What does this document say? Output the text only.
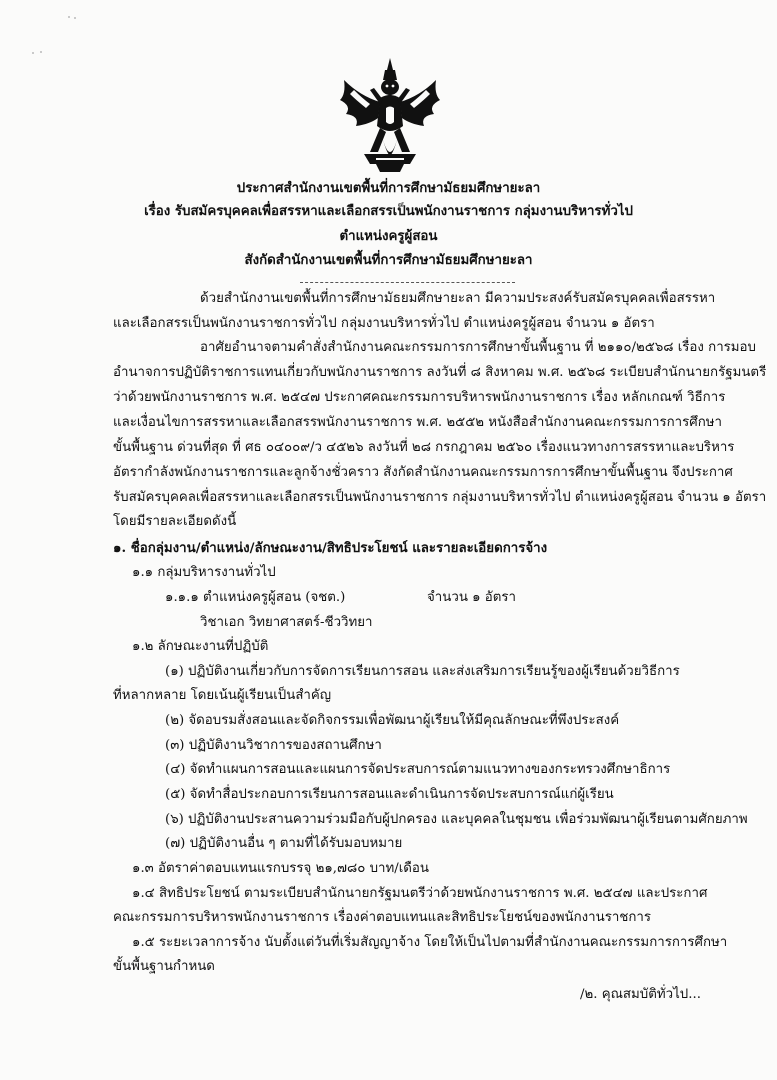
ประกาศสำนักงานเขตพื้นที่การศึกษามัธยมศึกษายะลา
เรื่อง รับสมัครบุคคลเพื่อสรรหาและเลือกสรรเป็นพนักงานราชการ กลุ่มงานบริหารทั่วไป
ตำแหน่งครูผู้สอน
สังกัดสำนักงานเขตพื้นที่การศึกษามัธยมศึกษายะลา
ด้วยสำนักงานเขตพื้นที่การศึกษามัธยมศึกษายะลา มีความประสงค์รับสมัครบุคคลเพื่อสรรหา
และเลือกสรรเป็นพนักงานราชการทั่วไป กลุ่มงานบริหารทั่วไป ตำแหน่งครูผู้สอน จำนวน ๑ อัตรา
อาศัยอำนาจตามคำสั่งสำนักงานคณะกรรมการการศึกษาขั้นพื้นฐาน ที่ ๒๑๑๐/๒๕๖๘ เรื่อง การมอบ
อำนาจการปฏิบัติราชการแทนเกี่ยวกับพนักงานราชการ ลงวันที่ ๘ สิงหาคม พ.ศ. ๒๕๖๘ ระเบียบสำนักนายกรัฐมนตรี
ว่าด้วยพนักงานราชการ พ.ศ. ๒๕๔๗ ประกาศคณะกรรมการบริหารพนักงานราชการ เรื่อง หลักเกณฑ์ วิธีการ
และเงื่อนไขการสรรหาและเลือกสรรพนักงานราชการ พ.ศ. ๒๕๕๒ หนังสือสำนักงานคณะกรรมการการศึกษา
ขั้นพื้นฐาน ด่วนที่สุด ที่ ศธ ๐๔๐๐๙/ว ๔๕๒๖ ลงวันที่ ๒๘ กรกฎาคม ๒๕๖๐ เรื่องแนวทางการสรรหาและบริหาร
อัตรากำลังพนักงานราชการและลูกจ้างชั่วคราว สังกัดสำนักงานคณะกรรมการการศึกษาขั้นพื้นฐาน จึงประกาศ
รับสมัครบุคคลเพื่อสรรหาและเลือกสรรเป็นพนักงานราชการ กลุ่มงานบริหารทั่วไป ตำแหน่งครูผู้สอน จำนวน ๑ อัตรา
โดยมีรายละเอียดดังนี้
๑. ชื่อกลุ่มงาน/ตำแหน่ง/ลักษณะงาน/สิทธิประโยชน์ และรายละเอียดการจ้าง
๑.๑ กลุ่มบริหารงานทั่วไป
๑.๑.๑ ตำแหน่งครูผู้สอน (จชต.)	จำนวน ๑ อัตรา
วิชาเอก วิทยาศาสตร์-ชีววิทยา
๑.๒ ลักษณะงานที่ปฏิบัติ
(๑) ปฏิบัติงานเกี่ยวกับการจัดการเรียนการสอน และส่งเสริมการเรียนรู้ของผู้เรียนด้วยวิธีการ
ที่หลากหลาย โดยเน้นผู้เรียนเป็นสำคัญ
(๒) จัดอบรมสั่งสอนและจัดกิจกรรมเพื่อพัฒนาผู้เรียนให้มีคุณลักษณะที่พึงประสงค์
(๓) ปฏิบัติงานวิชาการของสถานศึกษา
(๔) จัดทำแผนการสอนและแผนการจัดประสบการณ์ตามแนวทางของกระทรวงศึกษาธิการ
(๕) จัดทำสื่อประกอบการเรียนการสอนและดำเนินการจัดประสบการณ์แก่ผู้เรียน
(๖) ปฏิบัติงานประสานความร่วมมือกับผู้ปกครอง และบุคคลในชุมชน เพื่อร่วมพัฒนาผู้เรียนตามศักยภาพ
(๗) ปฏิบัติงานอื่น ๆ ตามที่ได้รับมอบหมาย
๑.๓ อัตราค่าตอบแทนแรกบรรจุ ๒๑,๗๘๐ บาท/เดือน
๑.๔ สิทธิประโยชน์ ตามระเบียบสำนักนายกรัฐมนตรีว่าด้วยพนักงานราชการ พ.ศ. ๒๕๔๗ และประกาศ
คณะกรรมการบริหารพนักงานราชการ เรื่องค่าตอบแทนและสิทธิประโยชน์ของพนักงานราชการ
๑.๕ ระยะเวลาการจ้าง นับตั้งแต่วันที่เริ่มสัญญาจ้าง โดยให้เป็นไปตามที่สำนักงานคณะกรรมการการศึกษา
ขั้นพื้นฐานกำหนด
/๒. คุณสมบัติทั่วไป...
